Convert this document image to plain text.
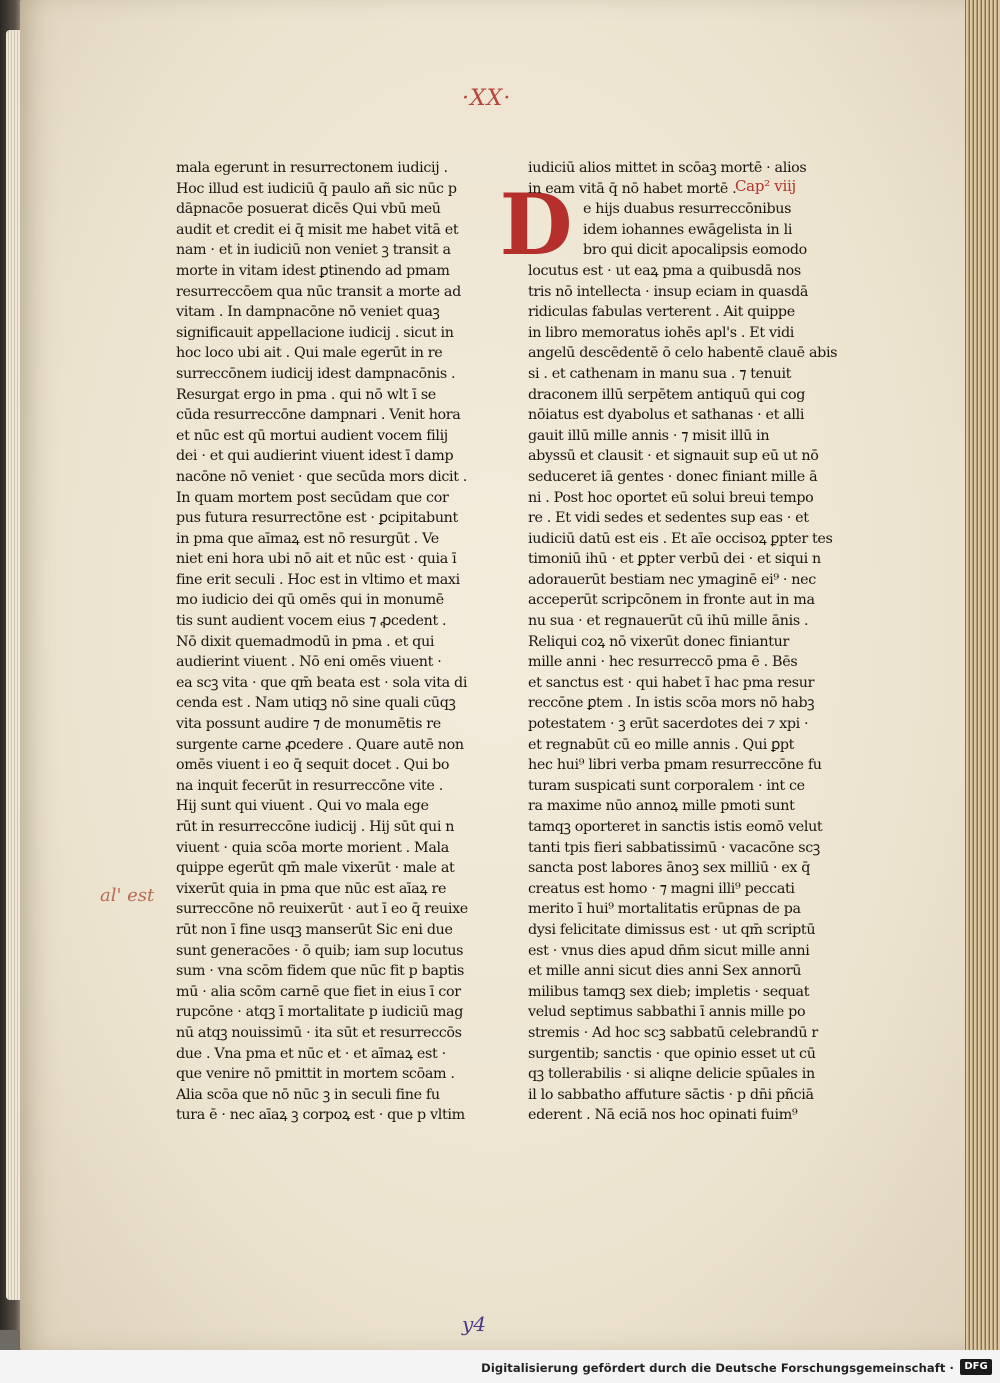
·XX·
al' est
D	Cap² viij
mala egerunt in resurrectonem iudicij .
Hoc illud est iudiciū q̄ paulo añ sic nūc p
dāpnacōe posuerat dicēs Qui vbū meū
audit et credit ei q̄ misit me habet vitā et
nam · et in iudiciū non veniet ꝫ transit a
morte in vitam idest ꝑtinendo ad pmam
resurreccōem qua nūc transit a morte ad
vitam . In dampnacōne nō veniet quaꝫ
significauit appellacione iudicij . sicut in
hoc loco ubi ait . Qui male egerūt in re
surreccōnem iudicij idest dampnacōnis .
Resurgat ergo in pma . qui nō wlt ī se
cūda resurreccōne dampnari . Venit hora
et nūc est qū mortui audient vocem filij
dei · et qui audierint viuent idest ī damp
nacōne nō veniet · que secūda mors dicit .
In quam mortem post secūdam que cor
pus futura resurrectōne est · ꝑcipitabunt
in pma que aīmaꝝ est nō resurgūt . Ve
niet eni hora ubi nō ait et nūc est · quia ī
fine erit seculi . Hoc est in vltimo et maxi
mo iudicio dei qū omēs qui in monumē
tis sunt audient vocem eius ⁊ ꝓcedent .
Nō dixit quemadmodū in pma . et qui
audierint viuent . Nō eni omēs viuent ·
ea scꝫ vita · que qm̄ beata est · sola vita di
cenda est . Nam utiqꝫ nō sine quali cūqꝫ
vita possunt audire ⁊ de monumētis re
surgente carne ꝓcedere . Quare autē non
omēs viuent i eo q̄ sequit docet . Qui bo
na inquit fecerūt in resurreccōne vite .
Hij sunt qui viuent . Qui vo mala ege
rūt in resurreccōne iudicij . Hij sūt qui n
viuent · quia scōa morte morient . Mala
quippe egerūt qm̄ male vixerūt · male at
vixerūt quia in pma que nūc est aīaꝝ re
surreccōne nō reuixerūt · aut ī eo q̄ reuixe
rūt non ī fine usqꝫ manserūt Sic eni due
sunt generacōes · ō quib; iam sup locutus
sum · vna scōm fidem que nūc fit p baptis
mū · alia scōm carnē que fiet in eius ī cor
rupcōne · atqꝫ ī mortalitate p iudiciū mag
nū atqꝫ nouissimū · ita sūt et resurreccōs
due . Vna pma et nūc et · et aīmaꝝ est ·
que venire nō pmittit in mortem scōam .
Alia scōa que nō nūc ꝫ in seculi fine fu
tura ē · nec aīaꝝ ꝫ corpoꝝ est · que p vltim
iudiciū alios mittet in scōaꝫ mortē · alios
in eam vitā q̄ nō habet mortē .
e hijs duabus resurreccōnibus
idem iohannes ewāgelista in li
bro qui dicit apocalipsis eomodo
locutus est · ut eaꝝ pma a quibusdā nos
tris nō intellecta · insup eciam in quasdā
ridiculas fabulas verterent . Ait quippe
in libro memoratus iohēs apl's . Et vidi
angelū descēdentē ō celo habentē clauē abis
si . et cathenam in manu sua . ⁊ tenuit
draconem illū serpētem antiquū qui cog
nōiatus est dyabolus et sathanas · et alli
gauit illū mille annis · ⁊ misit illū in
abyssū et clausit · et signauit sup eū ut nō
seduceret iā gentes · donec finiant mille ā
ni . Post hoc oportet eū solui breui tempo
re . Et vidi sedes et sedentes sup eas · et
iudiciū datū est eis . Et aīe occisoꝝ ꝑpter tes
timoniū ihū · et ꝑpter verbū dei · et siqui n
adorauerūt bestiam nec ymaginē ei⁹ · nec
acceperūt scripcōnem in fronte aut in ma
nu sua · et regnauerūt cū ihū mille ānis .
Reliqui coꝝ nō vixerūt donec finiantur
mille anni · hec resurreccō pma ē . Bēs
et sanctus est · qui habet ī hac pma resur
reccōne ꝑtem . In istis scōa mors nō habꝫ
potestatem · ꝫ erūt sacerdotes dei ⁊ xpi ·
et regnabūt cū eo mille annis . Qui ꝑpt
hec hui⁹ libri verba pmam resurreccōne fu
turam suspicati sunt corporalem · int ce
ra maxime nūo annoꝝ mille pmoti sunt
tamqꝫ oporteret in sanctis istis eomō velut
tanti tpis fieri sabbatissimū · vacacōne scꝫ
sancta post labores ānoꝫ sex milliū · ex q̄
creatus est homo · ⁊ magni illi⁹ peccati
merito ī hui⁹ mortalitatis erūpnas de pa
dysi felicitate dimissus est · ut qm̄ scriptū
est · vnus dies apud dn̄m sicut mille anni
et mille anni sicut dies anni Sex annorū
milibus tamqꝫ sex dieb; impletis · sequat
velud septimus sabbathi ī annis mille po
stremis · Ad hoc scꝫ sabbatū celebrandū r
surgentib; sanctis · que opinio esset ut cū
qꝫ tollerabilis · si aliqne delicie spūales in
il lo sabbatho affuture sāctis · p dn̄i pñciā
ederent . Nā eciā nos hoc opinati fuim⁹
y4
Digitalisierung gefördert durch die Deutsche Forschungsgemeinschaft ·	DFG
